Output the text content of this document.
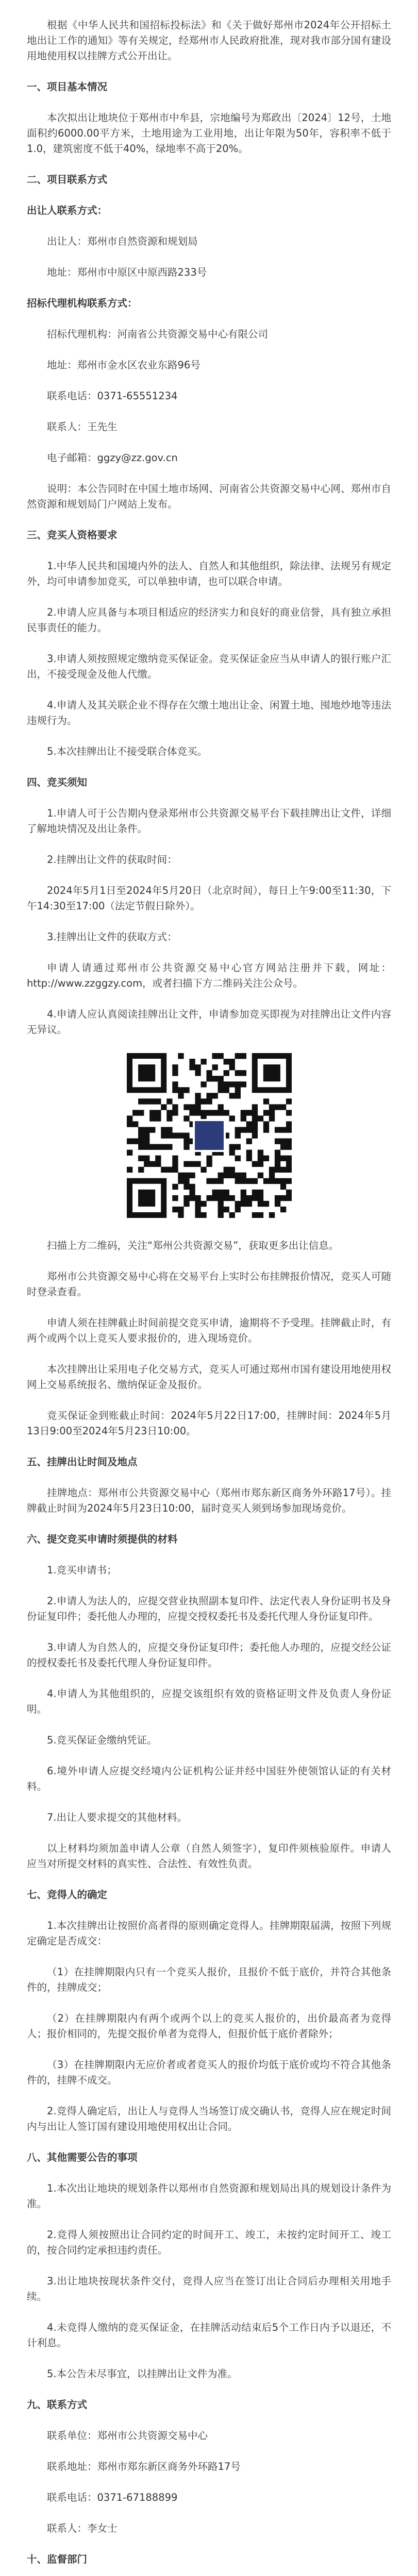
根据《中华人民共和国招标投标法》和《关于做好郑州市2024年公开招标土地出让工作的通知》等有关规定，经郑州市人民政府批准，现对我市部分国有建设用地使用权以挂牌方式公开出让。

一、项目基本情况

本次拟出让地块位于郑州市中牟县，宗地编号为郑政出〔2024〕12号，土地面积约6000.00平方米，土地用途为工业用地，出让年限为50年，容积率不低于1.0，建筑密度不低于40%，绿地率不高于20%。

二、项目联系方式

出让人联系方式：

出让人：郑州市自然资源和规划局

地址：郑州市中原区中原西路233号

招标代理机构联系方式：

招标代理机构：河南省公共资源交易中心有限公司

地址：郑州市金水区农业东路96号

联系电话：0371-65551234

联系人：王先生

电子邮箱：ggzy@zz.gov.cn

说明：本公告同时在中国土地市场网、河南省公共资源交易中心网、郑州市自然资源和规划局门户网站上发布。

三、竞买人资格要求

1.中华人民共和国境内外的法人、自然人和其他组织，除法律、法规另有规定外，均可申请参加竞买，可以单独申请，也可以联合申请。

2.申请人应具备与本项目相适应的经济实力和良好的商业信誉，具有独立承担民事责任的能力。

3.申请人须按照规定缴纳竞买保证金。竞买保证金应当从申请人的银行账户汇出，不接受现金及他人代缴。

4.申请人及其关联企业不得存在欠缴土地出让金、闲置土地、囤地炒地等违法违规行为。

5.本次挂牌出让不接受联合体竞买。

四、竞买须知

1.申请人可于公告期内登录郑州市公共资源交易平台下载挂牌出让文件，详细了解地块情况及出让条件。

2.挂牌出让文件的获取时间：

2024年5月1日至2024年5月20日（北京时间），每日上午9:00至11:30，下午14:30至17:00（法定节假日除外）。

3.挂牌出让文件的获取方式：

申请人请通过郑州市公共资源交易中心官方网站注册并下载，网址：http://www.zzggzy.com，或者扫描下方二维码关注公众号。

4.申请人应认真阅读挂牌出让文件，申请参加竞买即视为对挂牌出让文件内容无异议。

扫描上方二维码，关注“郑州公共资源交易”，获取更多出让信息。

郑州市公共资源交易中心将在交易平台上实时公布挂牌报价情况，竞买人可随时登录查看。

申请人须在挂牌截止时间前提交竞买申请，逾期将不予受理。挂牌截止时，有两个或两个以上竞买人要求报价的，进入现场竞价。

本次挂牌出让采用电子化交易方式，竞买人可通过郑州市国有建设用地使用权网上交易系统报名、缴纳保证金及报价。

竞买保证金到账截止时间：2024年5月22日17:00，挂牌时间：2024年5月13日9:00至2024年5月23日10:00。

五、挂牌出让时间及地点

挂牌地点：郑州市公共资源交易中心（郑州市郑东新区商务外环路17号）。挂牌截止时间为2024年5月23日10:00，届时竞买人须到场参加现场竞价。

六、提交竞买申请时须提供的材料

1.竞买申请书；

2.申请人为法人的，应提交营业执照副本复印件、法定代表人身份证明书及身份证复印件；委托他人办理的，应提交授权委托书及委托代理人身份证复印件。

3.申请人为自然人的，应提交身份证复印件；委托他人办理的，应提交经公证的授权委托书及委托代理人身份证复印件。

4.申请人为其他组织的，应提交该组织有效的资格证明文件及负责人身份证明。

5.竞买保证金缴纳凭证。

6.境外申请人应提交经境内公证机构公证并经中国驻外使领馆认证的有关材料。

7.出让人要求提交的其他材料。

以上材料均须加盖申请人公章（自然人须签字），复印件须核验原件。申请人应当对所提交材料的真实性、合法性、有效性负责。

七、竞得人的确定

1.本次挂牌出让按照价高者得的原则确定竞得人。挂牌期限届满，按照下列规定确定是否成交：

（1）在挂牌期限内只有一个竞买人报价，且报价不低于底价，并符合其他条件的，挂牌成交；

（2）在挂牌期限内有两个或两个以上的竞买人报价的，出价最高者为竞得人；报价相同的，先提交报价单者为竞得人，但报价低于底价者除外；

（3）在挂牌期限内无应价者或者竞买人的报价均低于底价或均不符合其他条件的，挂牌不成交。

2.竞得人确定后，出让人与竞得人当场签订成交确认书，竞得人应在规定时间内与出让人签订国有建设用地使用权出让合同。

八、其他需要公告的事项

1.本次出让地块的规划条件以郑州市自然资源和规划局出具的规划设计条件为准。

2.竞得人须按照出让合同约定的时间开工、竣工，未按约定时间开工、竣工的，按合同约定承担违约责任。

3.出让地块按现状条件交付，竞得人应当在签订出让合同后办理相关用地手续。

4.未竞得人缴纳的竞买保证金，在挂牌活动结束后5个工作日内予以退还，不计利息。

5.本公告未尽事宜，以挂牌出让文件为准。

九、联系方式

联系单位：郑州市公共资源交易中心

联系地址：郑州市郑东新区商务外环路17号

联系电话：0371-67188899

联系人：李女士

十、监督部门
